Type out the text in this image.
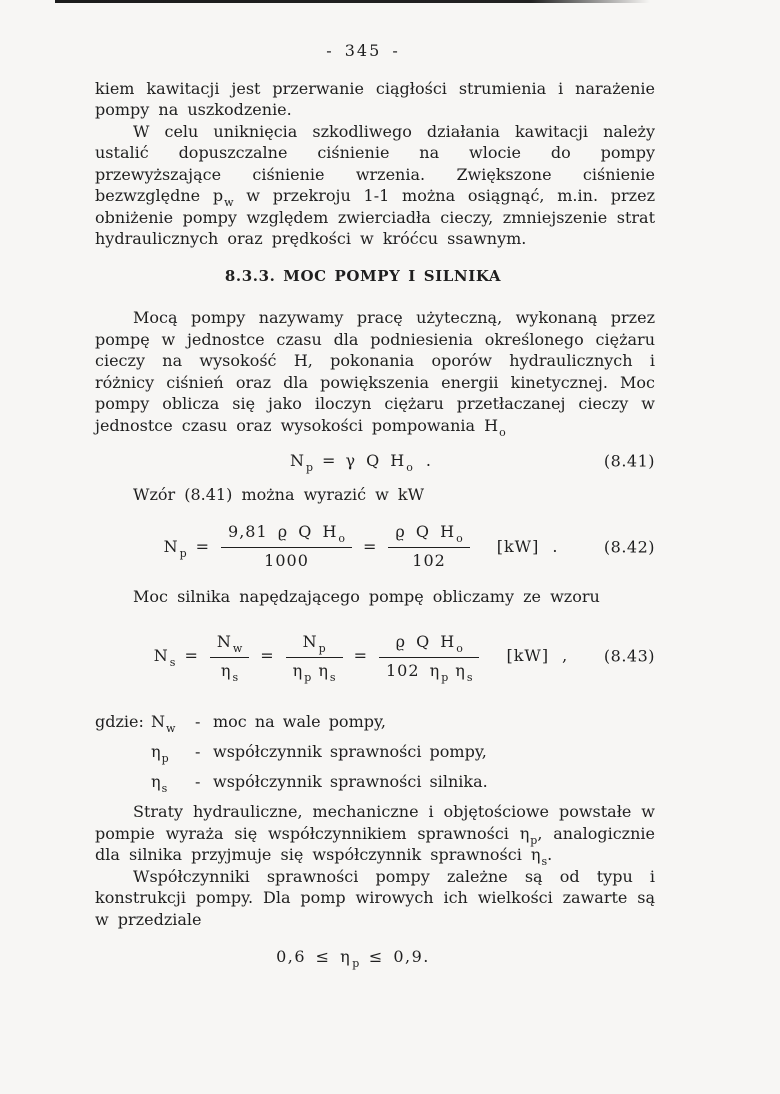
- 345 -

kiem kawitacji jest przerwanie ciągłości strumienia i narażenie pompy na uszkodzenie.

W celu uniknięcia szkodliwego działania kawitacji należy ustalić dopuszczalne ciśnienie na wlocie do pompy przewyższające ciśnienie wrzenia. Zwiększone ciśnienie bezwzględne $p_w$ w przekroju 1-1 można osiągnąć, m.in. przez obniżenie pompy względem zwierciadła cieczy, zmniejszenie strat hydraulicznych oraz prędkości w króćcu ssawnym.

8.3.3. MOC POMPY I SILNIKA

Mocą pompy nazywamy pracę użyteczną, wykonaną przez pompę w jednostce czasu dla podniesienia określonego ciężaru cieczy na wysokość H, pokonania oporów hydraulicznych i różnicy ciśnień oraz dla powiększenia energii kinetycznej. Moc pompy oblicza się jako iloczyn ciężaru przetłaczanej cieczy w jednostce czasu oraz wysokości pompowania $H_o$

$N_p = \gamma$ Q $H_o$ .	(8.41)

Wzór (8.41) można wyrazić w kW

$N_p = \frac{9,81 ϱ Q H_o}{1000} = \frac{ϱ Q H_o}{102} [kW]$ .	(8.42)

Moc silnika napędzającego pompę obliczamy ze wzoru

$N_s = \frac{N_w}{\eta_s} = \frac{N_p}{\eta_p \eta_s} = \frac{ϱ Q H_o}{102 \eta_p \eta_s} [kW]$ , (8.43)
gdzie: $N_w$	- moc na wale pompy,
$\eta_p$	- współczynnik sprawności pompy,
$\eta_s$	- współczynnik sprawności silnika.

Straty hydrauliczne, mechaniczne i objętościowe powstałe w pompie wyraża się współczynnikiem sprawności $\eta_p$, analogicznie dla silnika przyjmuje się współczynnik sprawności $\eta_s$.

Współczynniki sprawności pompy zależne są od typu i konstrukcji pompy. Dla pomp wirowych ich wielkości zawarte są w przedziale

$0,6 \le \eta_p \le 0,9$.
